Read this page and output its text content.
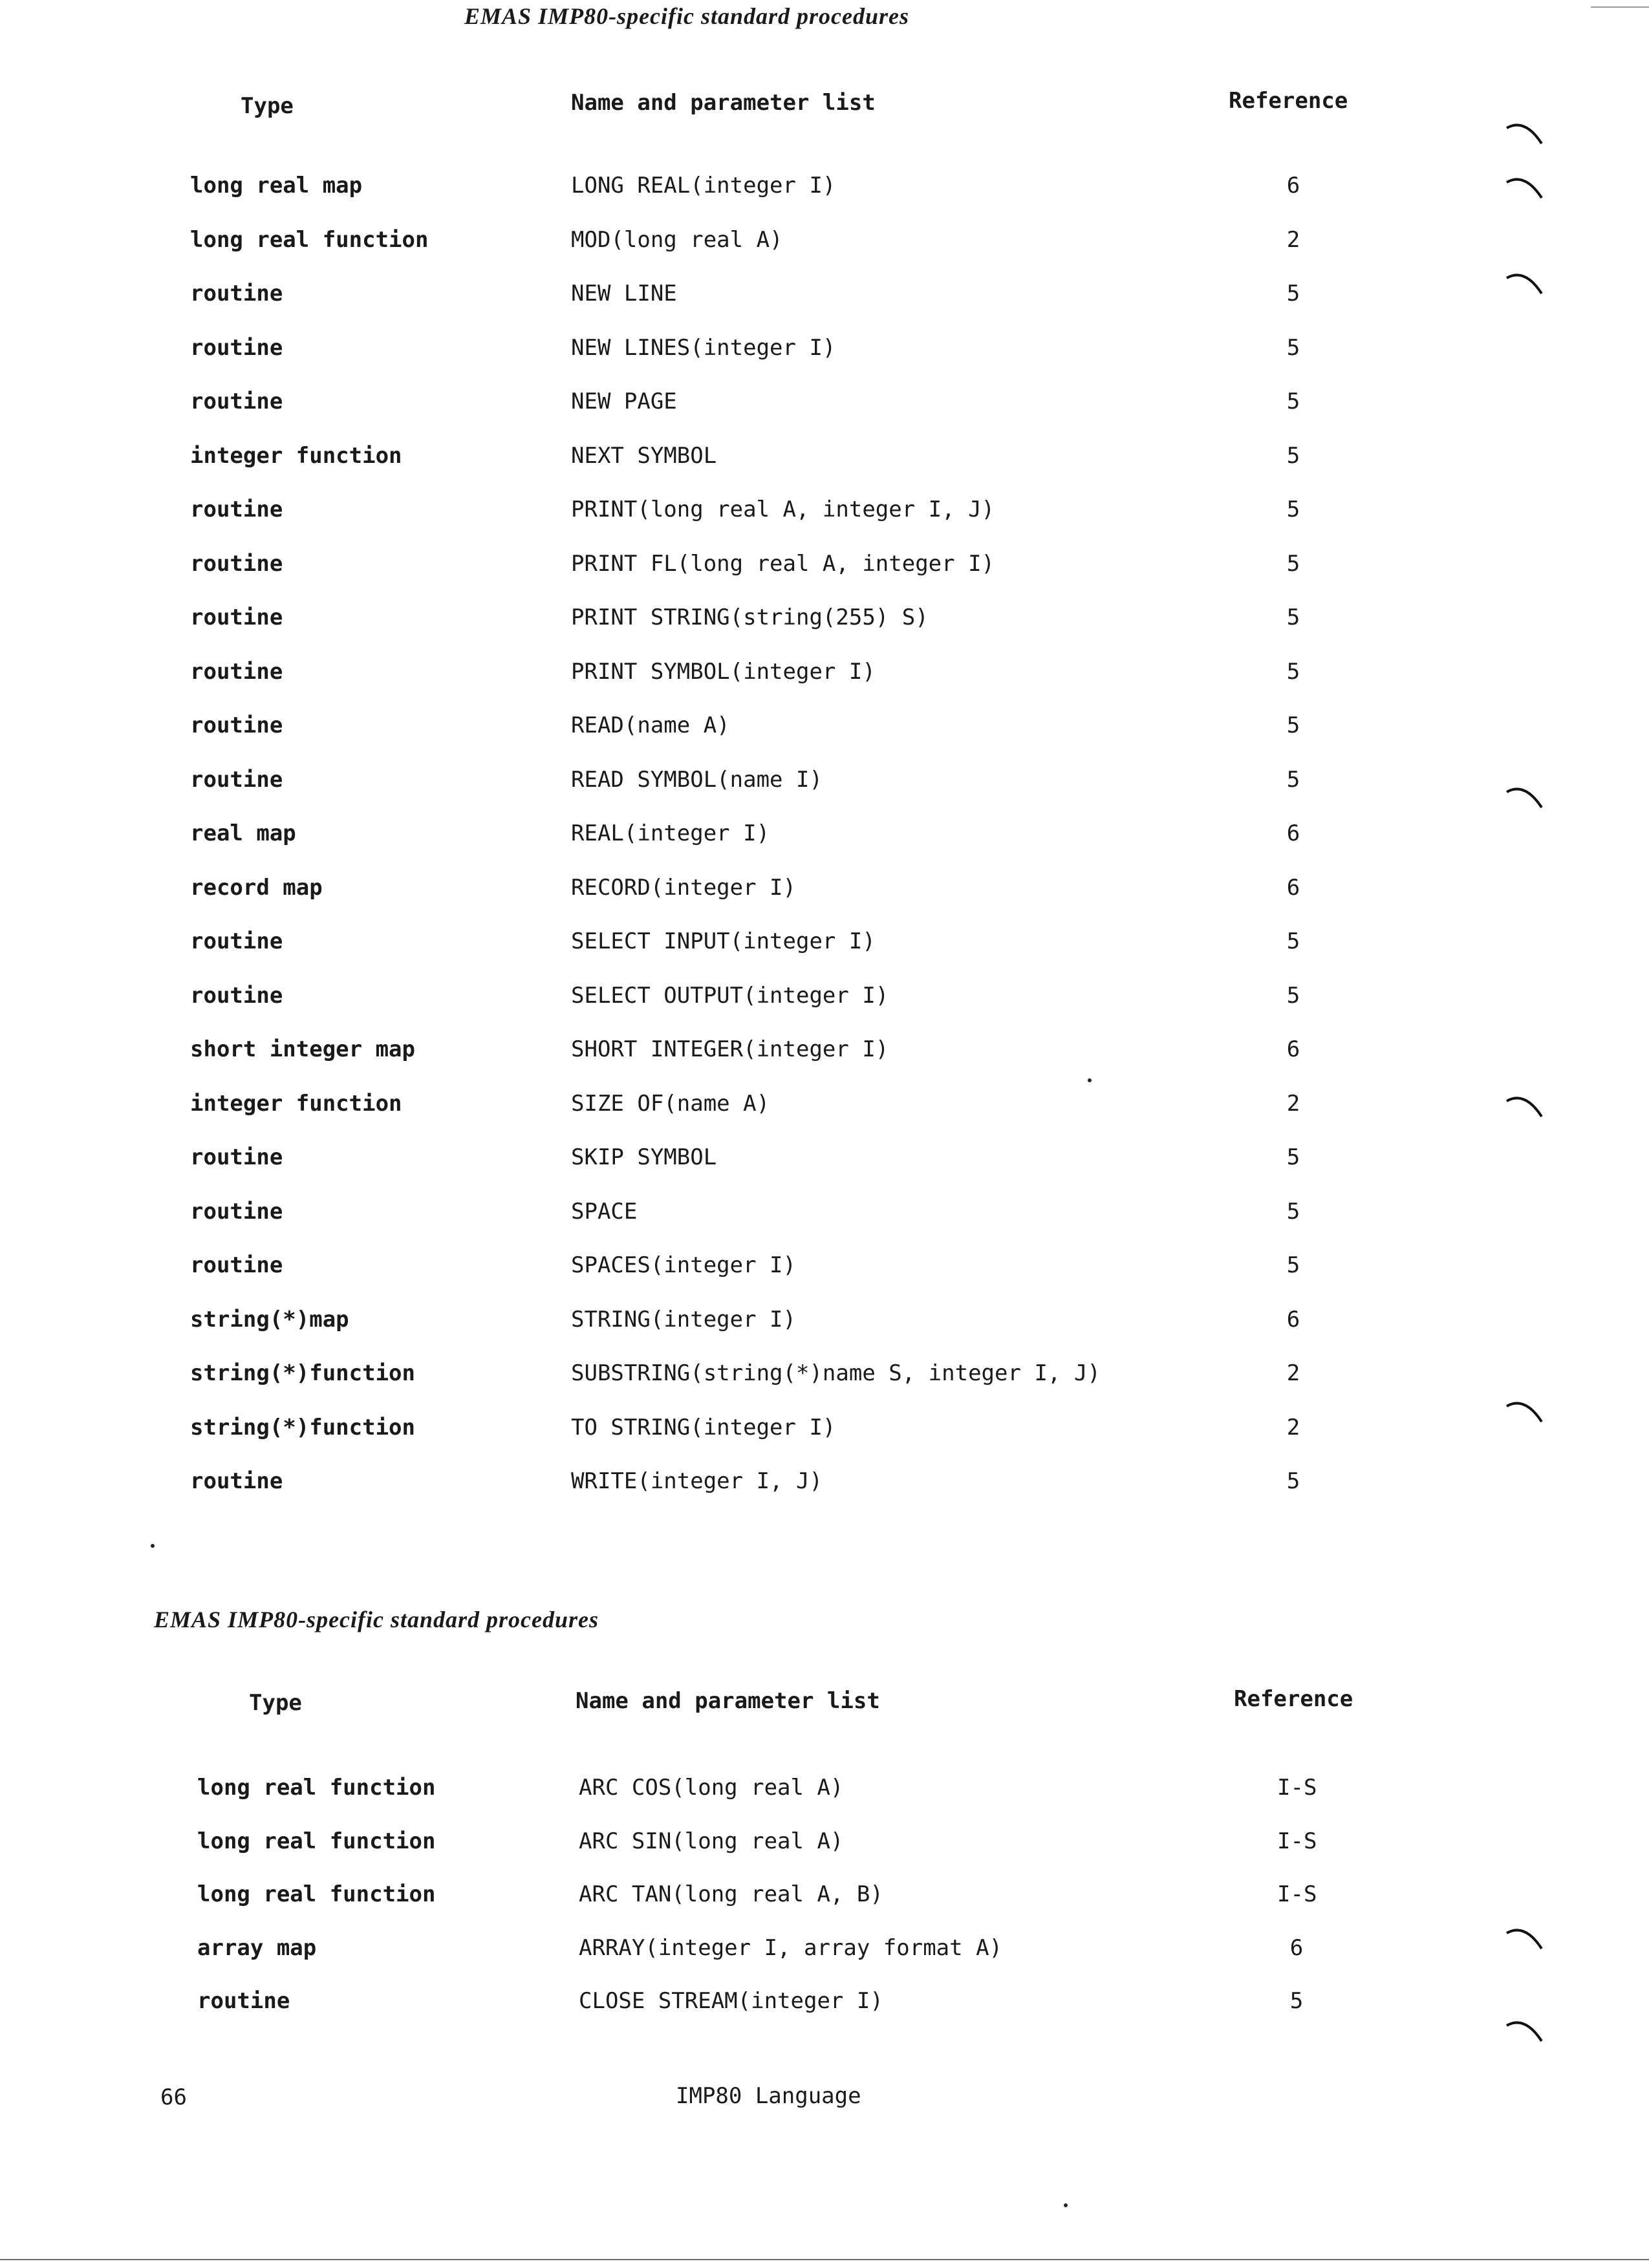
EMAS IMP80-specific standard procedures
Type	Name and parameter list	Reference
long real map	LONG REAL(integer I)	6
long real function	MOD(long real A)	2
routine	NEW LINE	5
routine	NEW LINES(integer I)	5
routine	NEW PAGE	5
integer function	NEXT SYMBOL	5
routine	PRINT(long real A, integer I, J)	5
routine	PRINT FL(long real A, integer I)	5
routine	PRINT STRING(string(255) S)	5
routine	PRINT SYMBOL(integer I)	5
routine	READ(name A)	5
routine	READ SYMBOL(name I)	5
real map	REAL(integer I)	6
record map	RECORD(integer I)	6
routine	SELECT INPUT(integer I)	5
routine	SELECT OUTPUT(integer I)	5
short integer map	SHORT INTEGER(integer I)	6
integer function	SIZE OF(name A)	2
routine	SKIP SYMBOL	5
routine	SPACE	5
routine	SPACES(integer I)	5
string(*)map	STRING(integer I)	6
string(*)function	SUBSTRING(string(*)name S, integer I, J)	2
string(*)function	TO STRING(integer I)	2
routine	WRITE(integer I, J)	5
EMAS IMP80-specific standard procedures
Type	Name and parameter list	Reference
long real function	ARC COS(long real A)	I-S
long real function	ARC SIN(long real A)	I-S
long real function	ARC TAN(long real A, B)	I-S
array map	ARRAY(integer I, array format A)	6
routine	CLOSE STREAM(integer I)	5
66	IMP80 Language
